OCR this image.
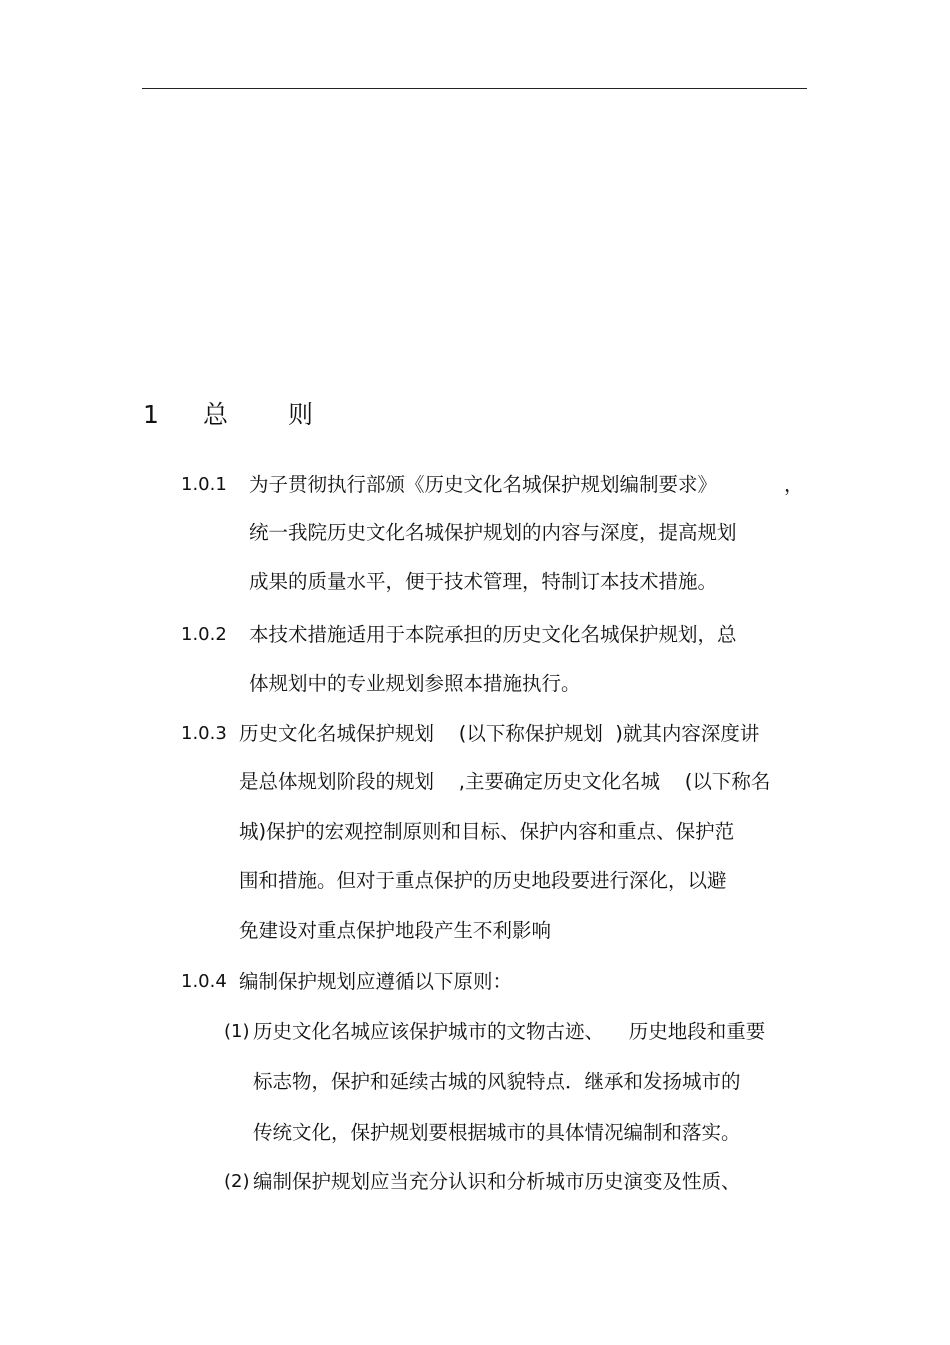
1 总 则
1.0.1 为子贯彻执行部颁《历史文化名城保护规划编制要求》	，
统一我院历史文化名城保护规划的内容与深度，提高规划
成果的质量水平，便于技术管理，特制订本技术措施。
1.0.2 本技术措施适用于本院承担的历史文化名城保护规划，总
体规划中的专业规划参照本措施执行。
1.0.3 历史文化名城保护规划    (以下称保护规划  )就其内容深度讲
是总体规划阶段的规划    ,主要确定历史文化名城    (以下称名
城)保护的宏观控制原则和目标、保护内容和重点、保护范
围和措施。但对于重点保护的历史地段要进行深化，以避
免建设对重点保护地段产生不利影响
1.0.4 编制保护规划应遵循以下原则：
(1) 历史文化名城应该保护城市的文物古迹、    历史地段和重要
标志物，保护和延续古城的风貌特点．继承和发扬城市的
传统文化，保护规划要根据城市的具体情况编制和落实。
(2) 编制保护规划应当充分认识和分析城市历史演变及性质、
